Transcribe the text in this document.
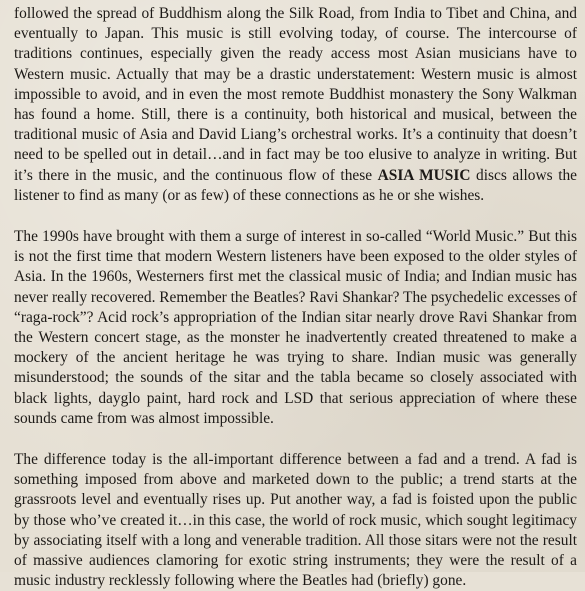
followed the spread of Buddhism along the Silk Road, from India to Tibet and China, and eventually to Japan. This music is still evolving today, of course. The intercourse of traditions continues, especially given the ready access most Asian musicians have to Western music. Actually that may be a drastic understatement: Western music is almost impossible to avoid, and in even the most remote Buddhist monastery the Sony Walkman has found a home. Still, there is a continuity, both historical and musical, between the traditional music of Asia and David Liang’s orchestral works. It’s a continuity that doesn’t need to be spelled out in detail…and in fact may be too elusive to analyze in writing. But it’s there in the music, and the continuous flow of these ASIA MUSIC discs allows the listener to find as many (or as few) of these connections as he or she wishes.

The 1990s have brought with them a surge of interest in so-called “World Music.” But this is not the first time that modern Western listeners have been exposed to the older styles of Asia. In the 1960s, Westerners first met the classical music of India; and Indian music has never really recovered. Remember the Beatles? Ravi Shankar? The psychedelic excesses of “raga-rock”? Acid rock’s appropriation of the Indian sitar nearly drove Ravi Shankar from the Western concert stage, as the monster he inadvertently created threatened to make a mockery of the ancient heritage he was trying to share. Indian music was generally misunderstood; the sounds of the sitar and the tabla became so closely associated with black lights, dayglo paint, hard rock and LSD that serious appreciation of where these sounds came from was almost impossible.

The difference today is the all-important difference between a fad and a trend. A fad is something imposed from above and marketed down to the public; a trend starts at the grassroots level and eventually rises up. Put another way, a fad is foisted upon the public by those who’ve created it…in this case, the world of rock music, which sought legitimacy by associating itself with a long and venerable tradition. All those sitars were not the result of massive audiences clamoring for exotic string instruments; they were the result of a music industry recklessly following where the Beatles had (briefly) gone.
